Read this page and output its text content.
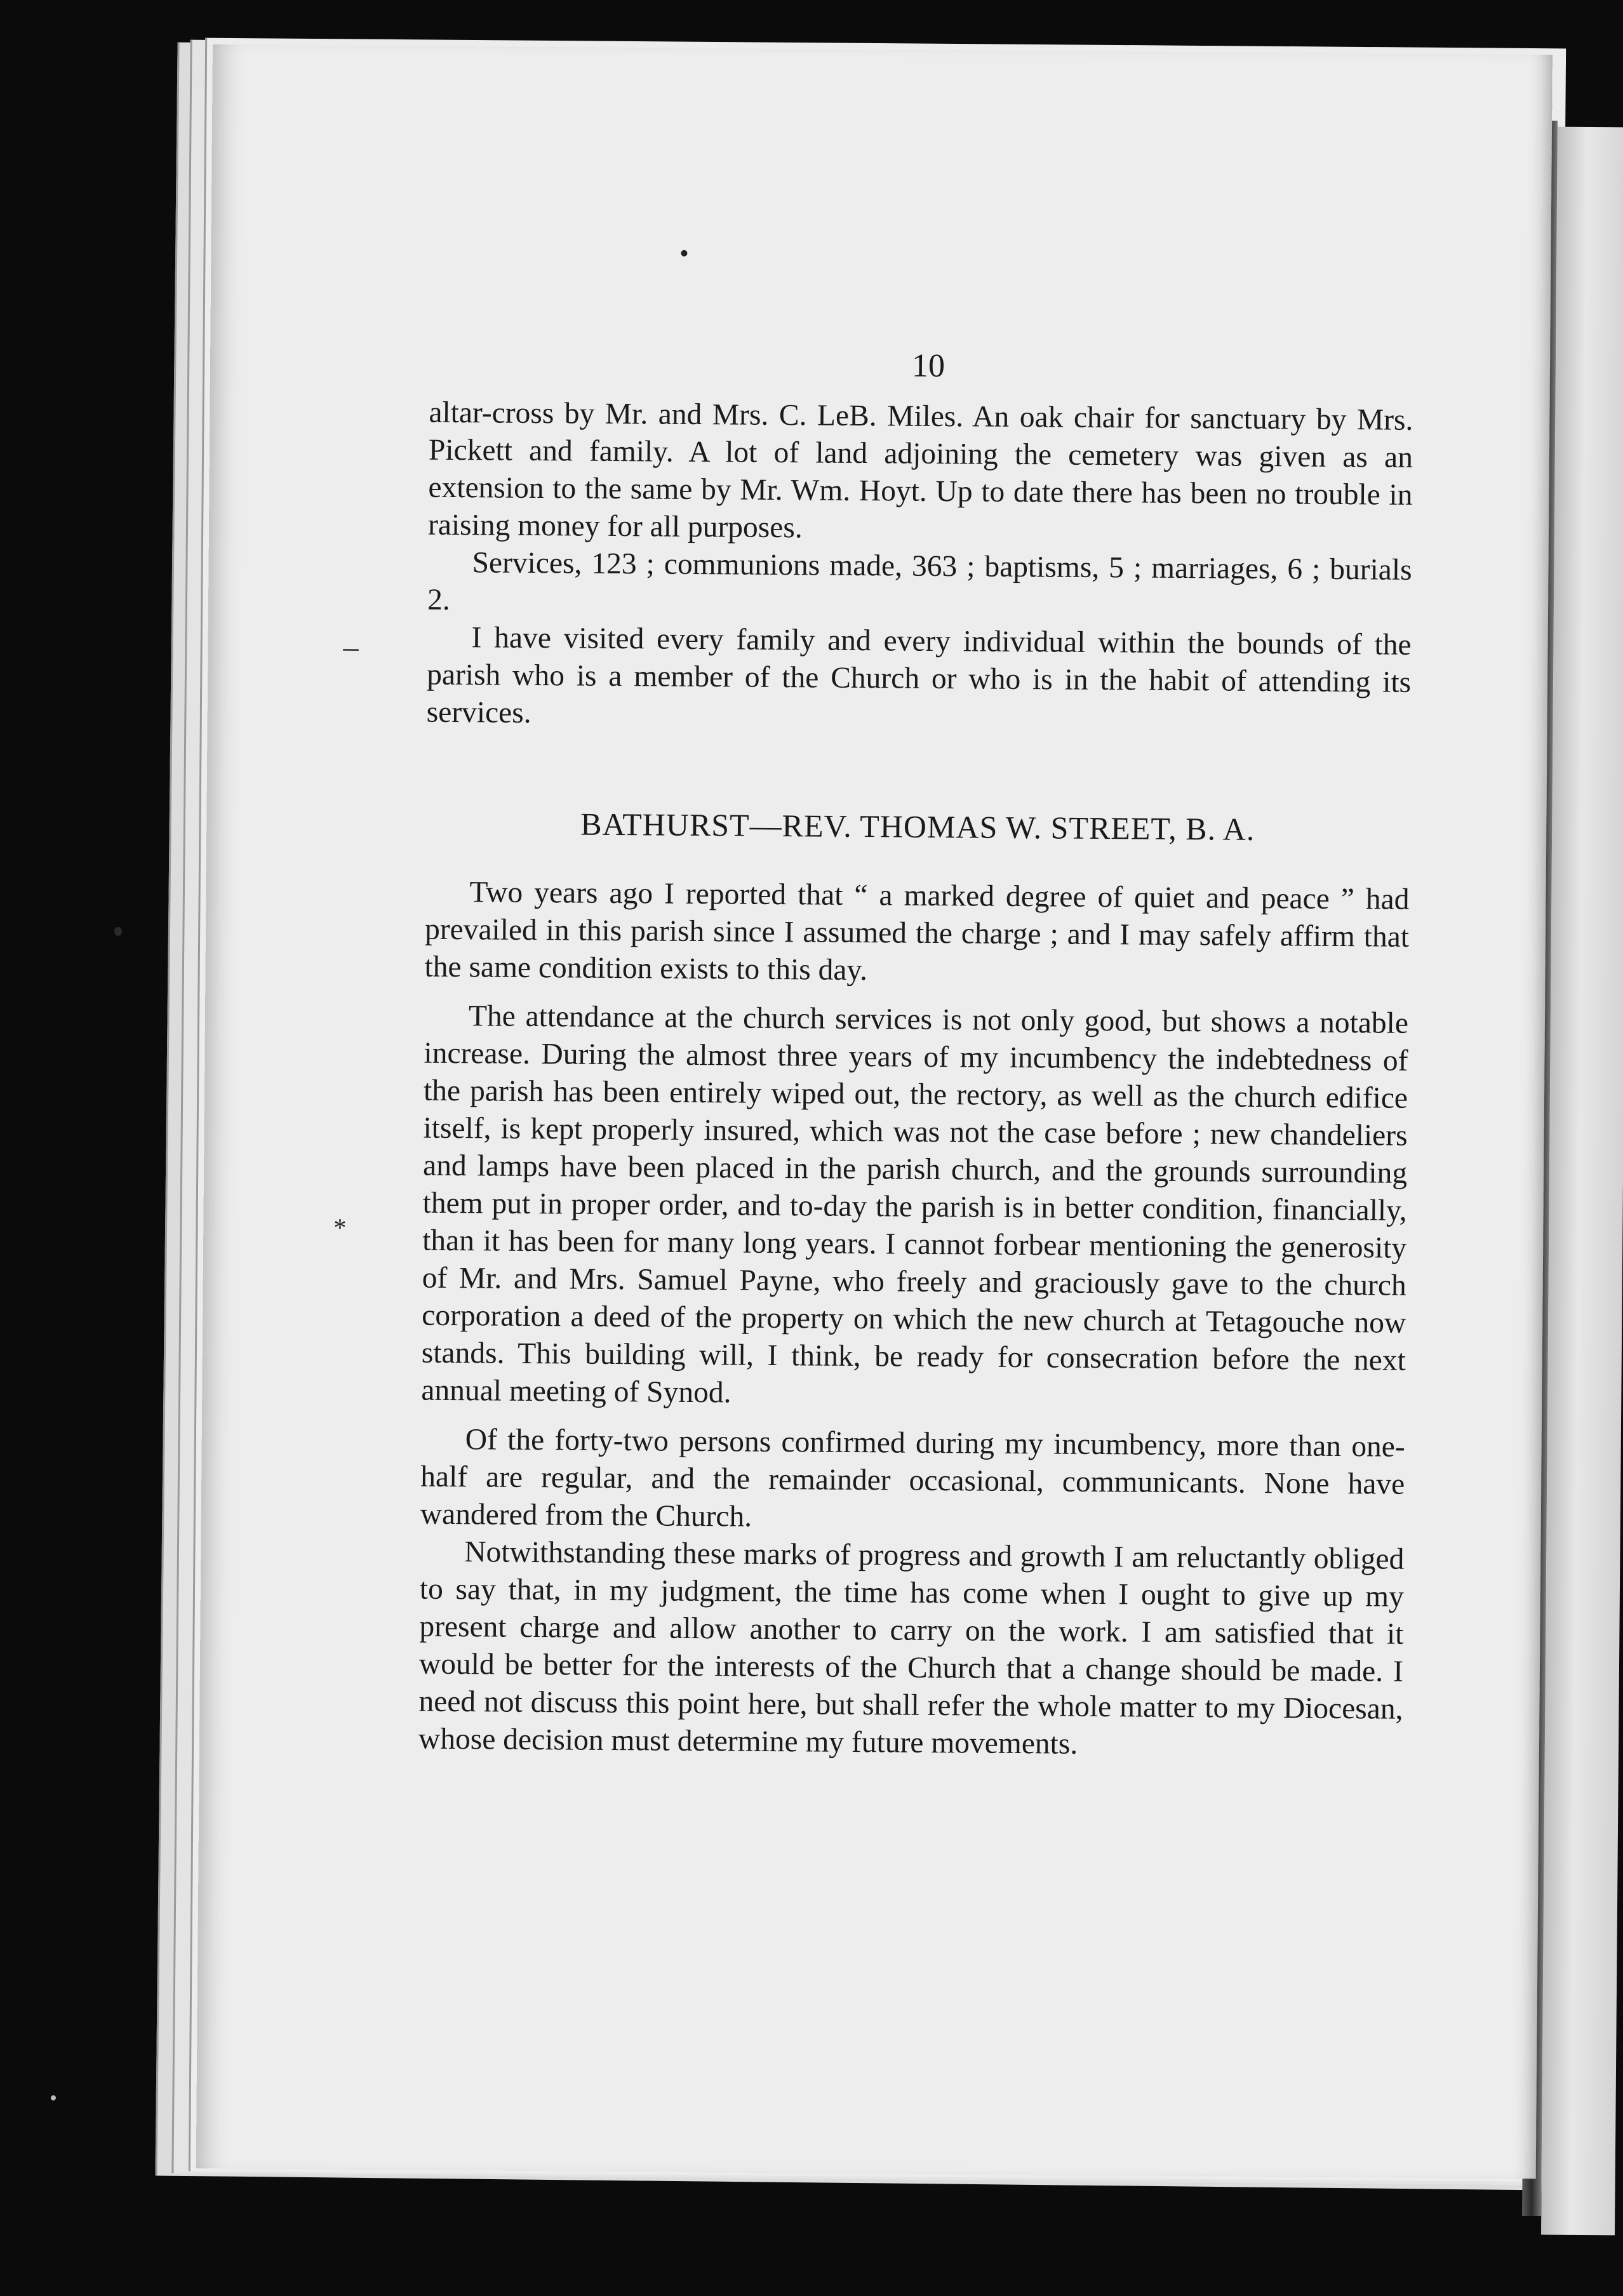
10

altar-cross by Mr. and Mrs. C. LeB. Miles. An oak chair for sanctuary by Mrs. Pickett and family. A lot of land adjoining the cemetery was given as an extension to the same by Mr. Wm. Hoyt. Up to date there has been no trouble in raising money for all purposes.

Services, 123 ; communions made, 363 ; baptisms, 5 ; marriages, 6 ; burials 2.

I have visited every family and every individual within the bounds of the parish who is a member of the Church or who is in the habit of attending its services.

BATHURST—REV. THOMAS W. STREET, B. A.

Two years ago I reported that “ a marked degree of quiet and peace ” had prevailed in this parish since I assumed the charge ; and I may safely affirm that the same condition exists to this day.

The attendance at the church services is not only good, but shows a notable increase. During the almost three years of my incumbency the indebtedness of the parish has been entirely wiped out, the rectory, as well as the church edifice itself, is kept properly insured, which was not the case before ; new chandeliers and lamps have been placed in the parish church, and the grounds surrounding them put in proper order, and to-day the parish is in better condition, financially, than it has been for many long years. I cannot forbear mentioning the generosity of Mr. and Mrs. Samuel Payne, who freely and graciously gave to the church corporation a deed of the property on which the new church at Tetagouche now stands. This building will, I think, be ready for consecration before the next annual meeting of Synod.

Of the forty-two persons confirmed during my incumbency, more than one-half are regular, and the remainder occasional, communicants. None have wandered from the Church.

Notwithstanding these marks of progress and growth I am reluctantly obliged to say that, in my judgment, the time has come when I ought to give up my present charge and allow another to carry on the work. I am satisfied that it would be better for the interests of the Church that a change should be made. I need not discuss this point here, but shall refer the whole matter to my Diocesan, whose decision must determine my future movements.

–
*
